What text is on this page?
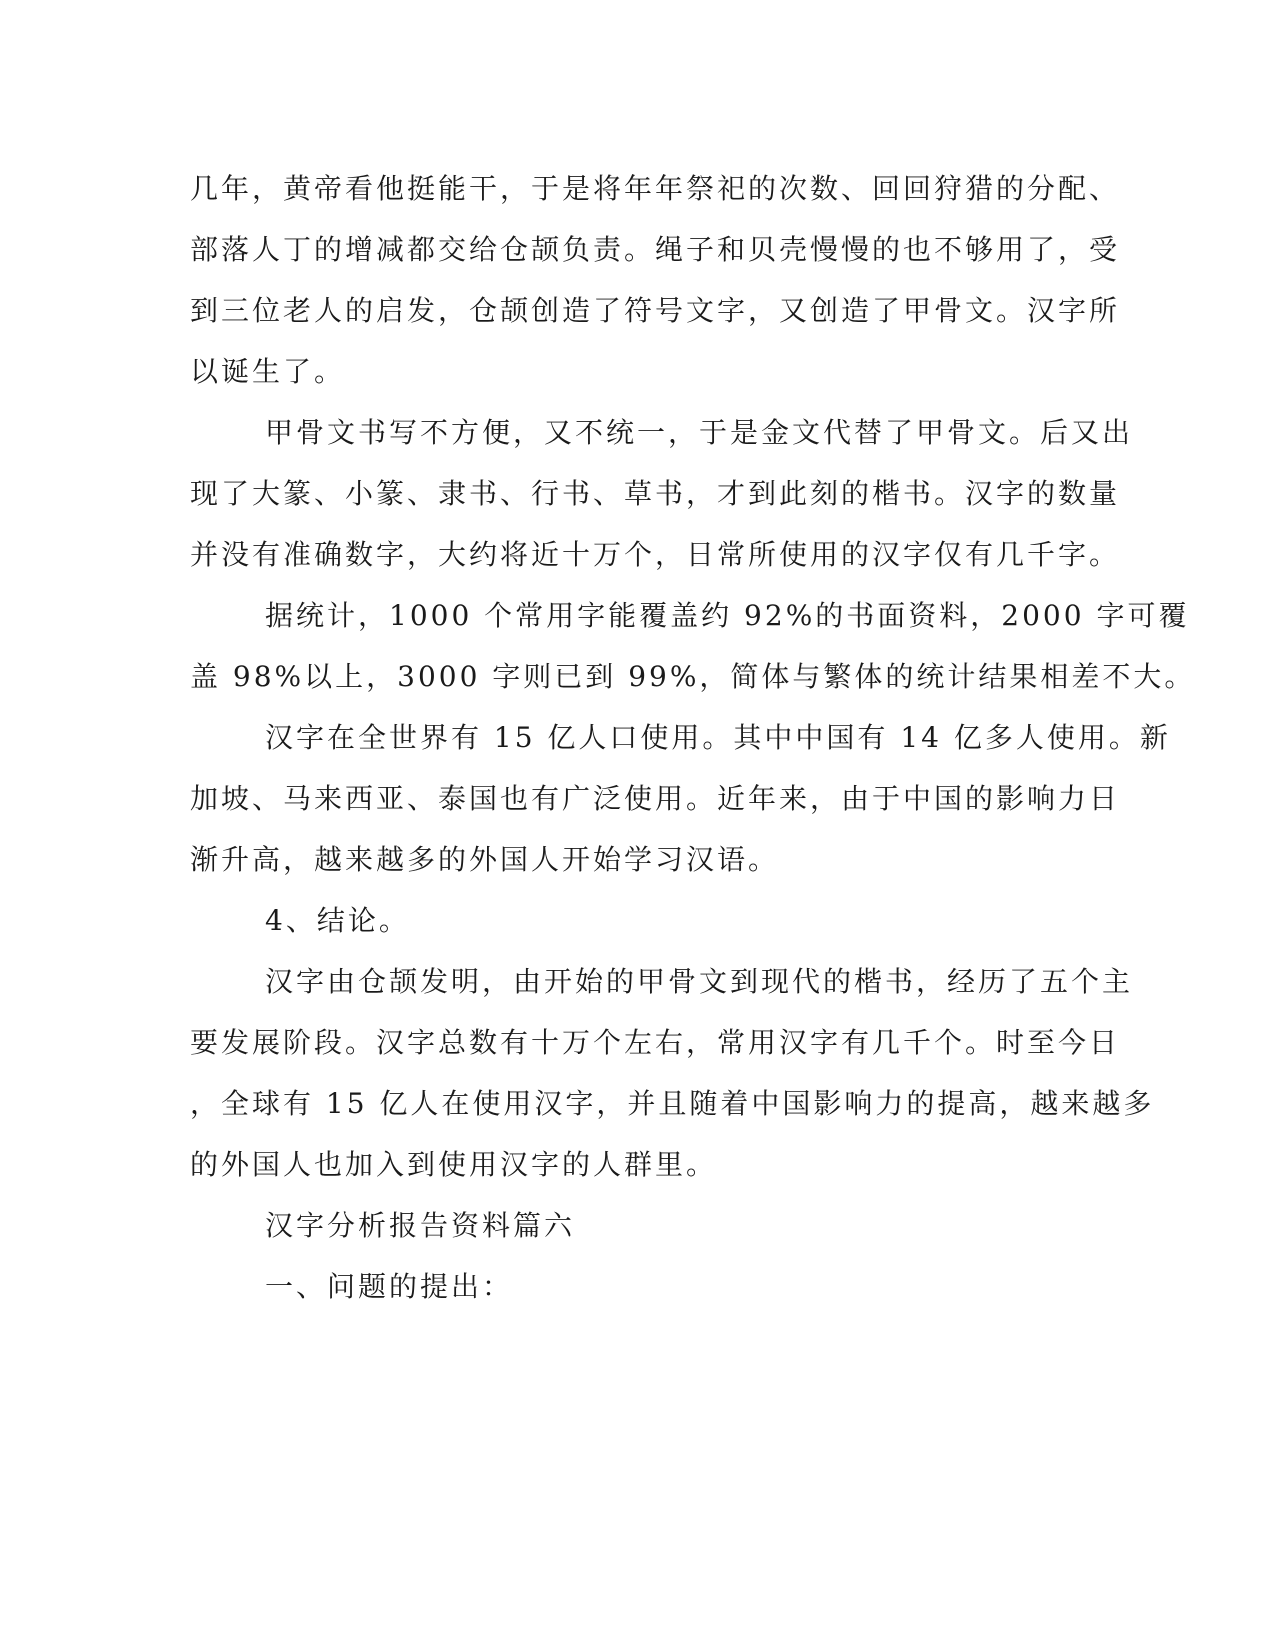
几年，黄帝看他挺能干，于是将年年祭祀的次数、回回狩猎的分配、
部落人丁的增减都交给仓颉负责。绳子和贝壳慢慢的也不够用了，受
到三位老人的启发，仓颉创造了符号文字，又创造了甲骨文。汉字所
以诞生了。
甲骨文书写不方便，又不统一，于是金文代替了甲骨文。后又出
现了大篆、小篆、隶书、行书、草书，才到此刻的楷书。汉字的数量
并没有准确数字，大约将近十万个，日常所使用的汉字仅有几千字。
据统计，1000 个常用字能覆盖约 92%的书面资料，2000 字可覆
盖 98%以上，3000 字则已到 99%，简体与繁体的统计结果相差不大。
汉字在全世界有 15 亿人口使用。其中中国有 14 亿多人使用。新
加坡、马来西亚、泰国也有广泛使用。近年来，由于中国的影响力日
渐升高，越来越多的外国人开始学习汉语。
4、结论。
汉字由仓颉发明，由开始的甲骨文到现代的楷书，经历了五个主
要发展阶段。汉字总数有十万个左右，常用汉字有几千个。时至今日
，全球有 15 亿人在使用汉字，并且随着中国影响力的提高，越来越多
的外国人也加入到使用汉字的人群里。
汉字分析报告资料篇六
一、问题的提出：
